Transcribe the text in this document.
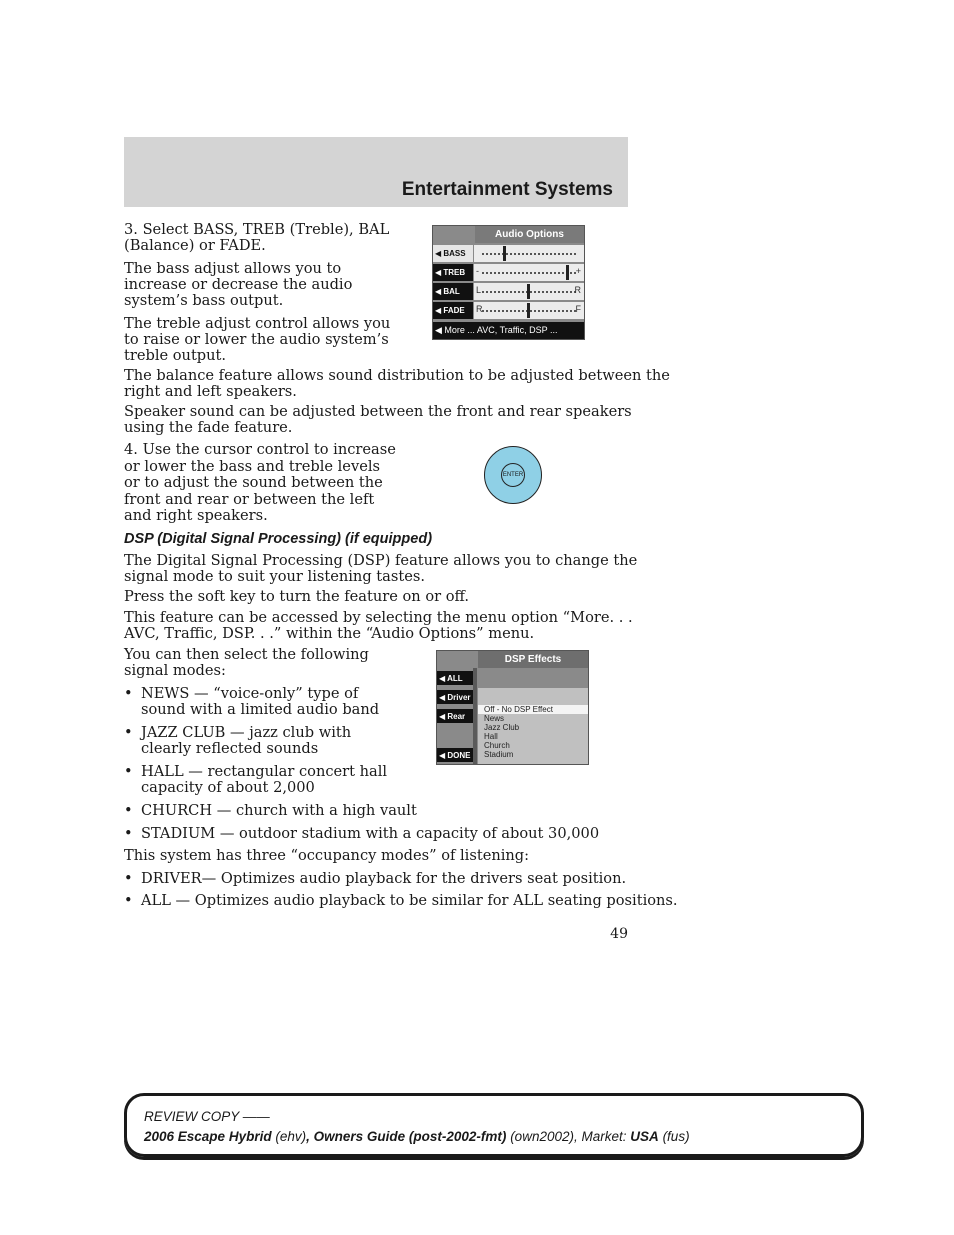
Entertainment Systems
3. Select BASS, TREB (Treble), BAL
(Balance) or FADE.
The bass adjust allows you to
increase or decrease the audio
system’s bass output.
The treble adjust control allows you
to raise or lower the audio system’s
treble output.
The balance feature allows sound distribution to be adjusted between the
right and left speakers.
Speaker sound can be adjusted between the front and rear speakers
using the fade feature.
4. Use the cursor control to increase
or lower the bass and treble levels
or to adjust the sound between the
front and rear or between the left
and right speakers.
DSP (Digital Signal Processing) (if equipped)
The Digital Signal Processing (DSP) feature allows you to change the
signal mode to suit your listening tastes.
Press the soft key to turn the feature on or off.
This feature can be accessed by selecting the menu option “More. . .
AVC, Traffic, DSP. . .” within the “Audio Options” menu.
You can then select the following
signal modes:
• NEWS — “voice-only” type of
sound with a limited audio band
• JAZZ CLUB — jazz club with
clearly reflected sounds
• HALL — rectangular concert hall
capacity of about 2,000
• CHURCH — church with a high vault
• STADIUM — outdoor stadium with a capacity of about 30,000
This system has three “occupancy modes” of listening:
• DRIVER— Optimizes audio playback for the drivers seat position.
• ALL — Optimizes audio playback to be similar for ALL seating positions.
Audio Options
◀ BASS
◀ TREB	-	+
◀ BAL	L	R
◀ FADE	R	F
◀ More ... AVC, Traffic, DSP ...
ENTER
DSP Effects
◀ ALL
◀ Driver
◀ Rear
◀ DONE
Off - No DSP Effect
News
Jazz Club
Hall
Church
Stadium
49
REVIEW COPY ——
2006 Escape Hybrid (ehv), Owners Guide (post-2002-fmt) (own2002), Market: USA (fus)
